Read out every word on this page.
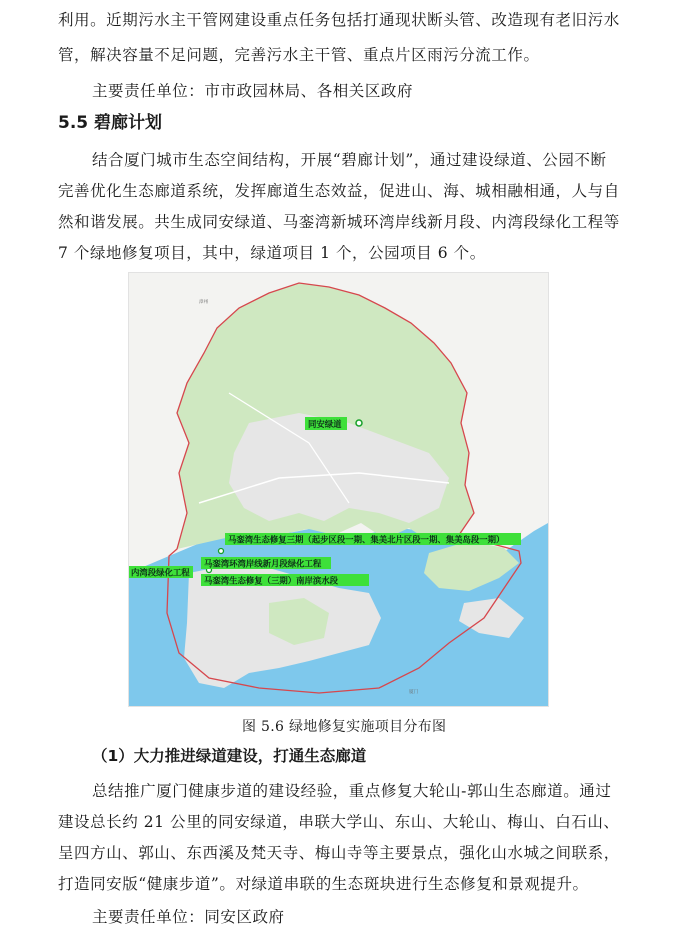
利用。近期污水主干管网建设重点任务包括打通现状断头管、改造现有老旧污水
管，解决容量不足问题，完善污水主干管、重点片区雨污分流工作。
主要责任单位：市市政园林局、各相关区政府
5.5 碧廊计划
结合厦门城市生态空间结构，开展“碧廊计划”，通过建设绿道、公园不断
完善优化生态廊道系统，发挥廊道生态效益，促进山、海、城相融相通，人与自
然和谐发展。共生成同安绿道、马銮湾新城环湾岸线新月段、内湾段绿化工程等
7 个绿地修复项目，其中，绿道项目 1 个，公园项目 6 个。
漳州
厦门
同安绿道
马銮湾生态修复三期（起步区段一期、集美北片区段一期、集美岛段一期）
马銮湾环湾岸线新月段绿化工程
内湾段绿化工程
马銮湾生态修复（三期）南岸滨水段
图 5.6 绿地修复实施项目分布图
（1）大力推进绿道建设，打通生态廊道
总结推广厦门健康步道的建设经验，重点修复大轮山-郭山生态廊道。通过
建设总长约 21 公里的同安绿道，串联大学山、东山、大轮山、梅山、白石山、
呈四方山、郭山、东西溪及梵天寺、梅山寺等主要景点，强化山水城之间联系，
打造同安版“健康步道”。对绿道串联的生态斑块进行生态修复和景观提升。
主要责任单位：同安区政府
